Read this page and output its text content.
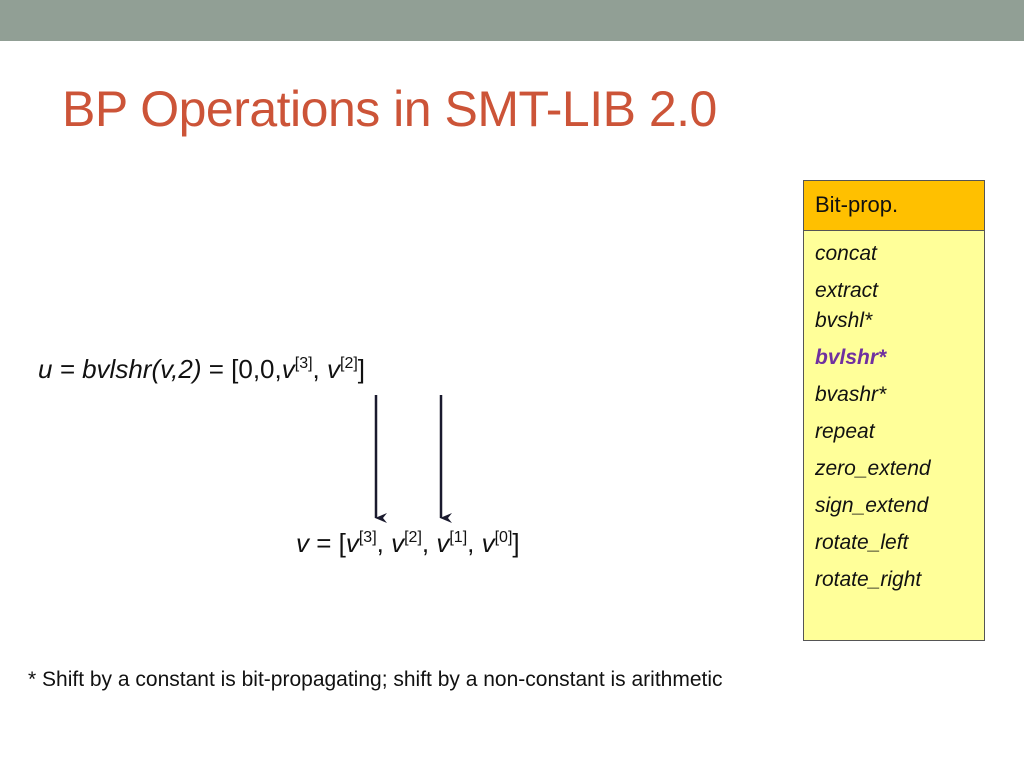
BP Operations in SMT-LIB 2.0
u = bvlshr(v,2) = [0,0,v[3], v[2]]
v = [v[3], v[2], v[1], v[0]]
Bit-prop.
concat
extract
bvshl*
bvlshr*
bvashr*
repeat
zero_extend
sign_extend
rotate_left
rotate_right
* Shift by a constant is bit-propagating; shift by a non-constant is arithmetic
